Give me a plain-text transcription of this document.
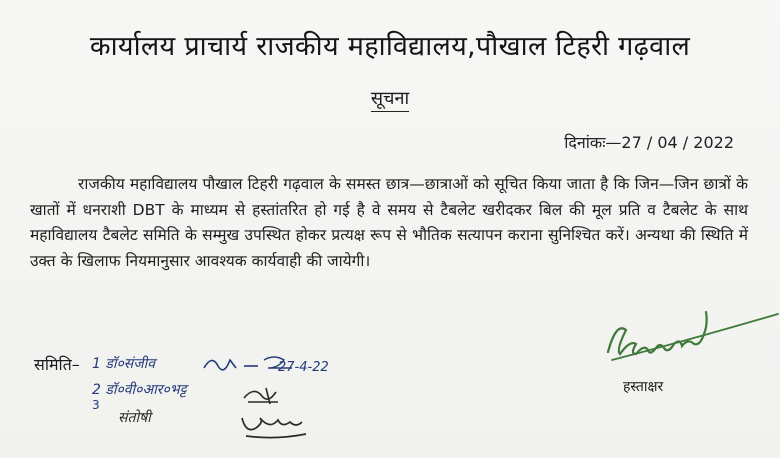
कार्यालय प्राचार्य राजकीय महाविद्यालय,पौखाल टिहरी गढ़वाल
सूचना
दिनांकः—27 / 04 / 2022
राजकीय महाविद्यालय पौखाल टिहरी गढ़वाल के समस्त छात्र—छात्राओं को सूचित किया जाता है कि जिन—जिन छात्रों के खातों में धनराशी DBT के माध्यम से हस्तांतरित हो गई है वे समय से टैबलेट खरीदकर बिल की मूल प्रति व टैबलेट के साथ महाविद्यालय टैबलेट समिति के सम्मुख उपस्थित होकर प्रत्यक्ष रूप से भौतिक सत्यापन कराना सुनिश्चित करें। अन्यथा की स्थिति में उक्त के खिलाफ नियमानुसार आवश्यक कार्यवाही की जायेगी।
समिति– 1 डॉ०संजीव
2 डॉ०वी०आर०भट्ट
3
संतोषी
27-4-22
हस्ताक्षर
